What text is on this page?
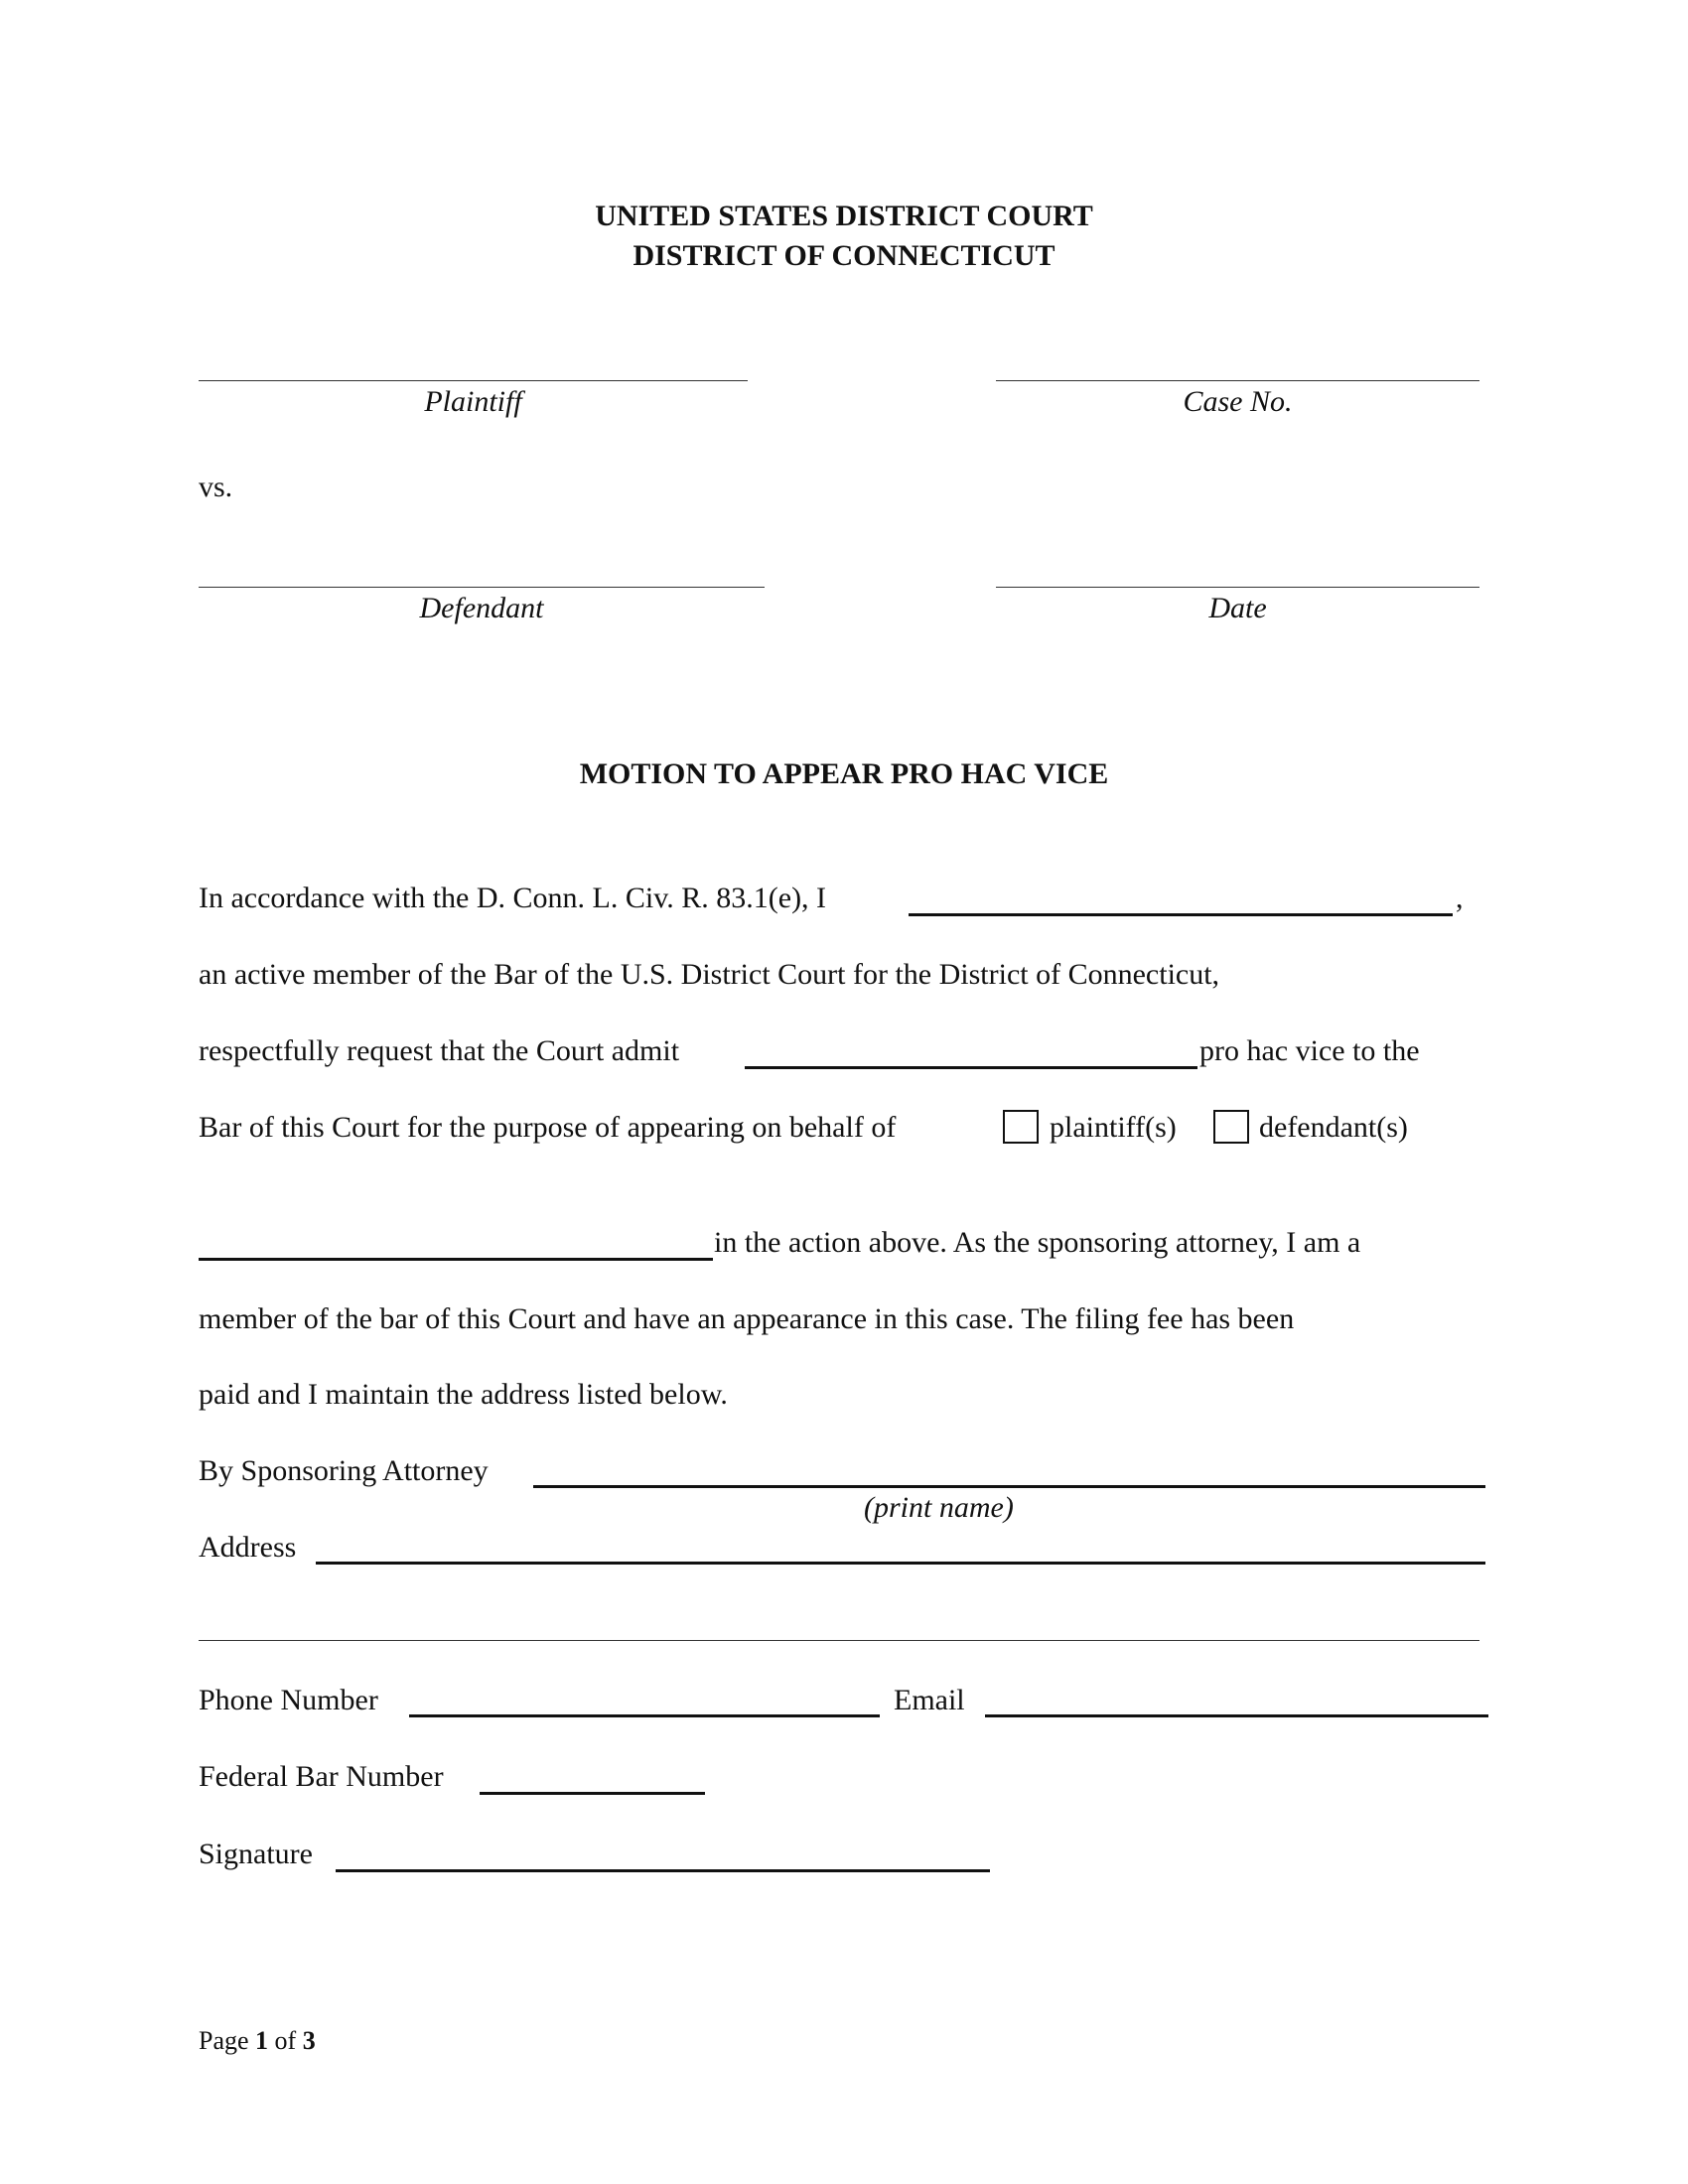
UNITED STATES DISTRICT COURT
DISTRICT OF CONNECTICUT
Plaintiff	Case No.
vs.
Defendant	Date
MOTION TO APPEAR PRO HAC VICE
In accordance with the D. Conn. L. Civ. R. 83.1(e), I	,
an active member of the Bar of the U.S. District Court for the District of Connecticut,
respectfully request that the Court admit	pro hac vice to the
Bar of this Court for the purpose of appearing on behalf of	plaintiff(s)	defendant(s)
in the action above. As the sponsoring attorney, I am a
member of the bar of this Court and have an appearance in this case. The filing fee has been
paid and I maintain the address listed below.
By Sponsoring Attorney
(print name)
Address
Phone Number	Email
Federal Bar Number
Signature
Page 1 of 3
